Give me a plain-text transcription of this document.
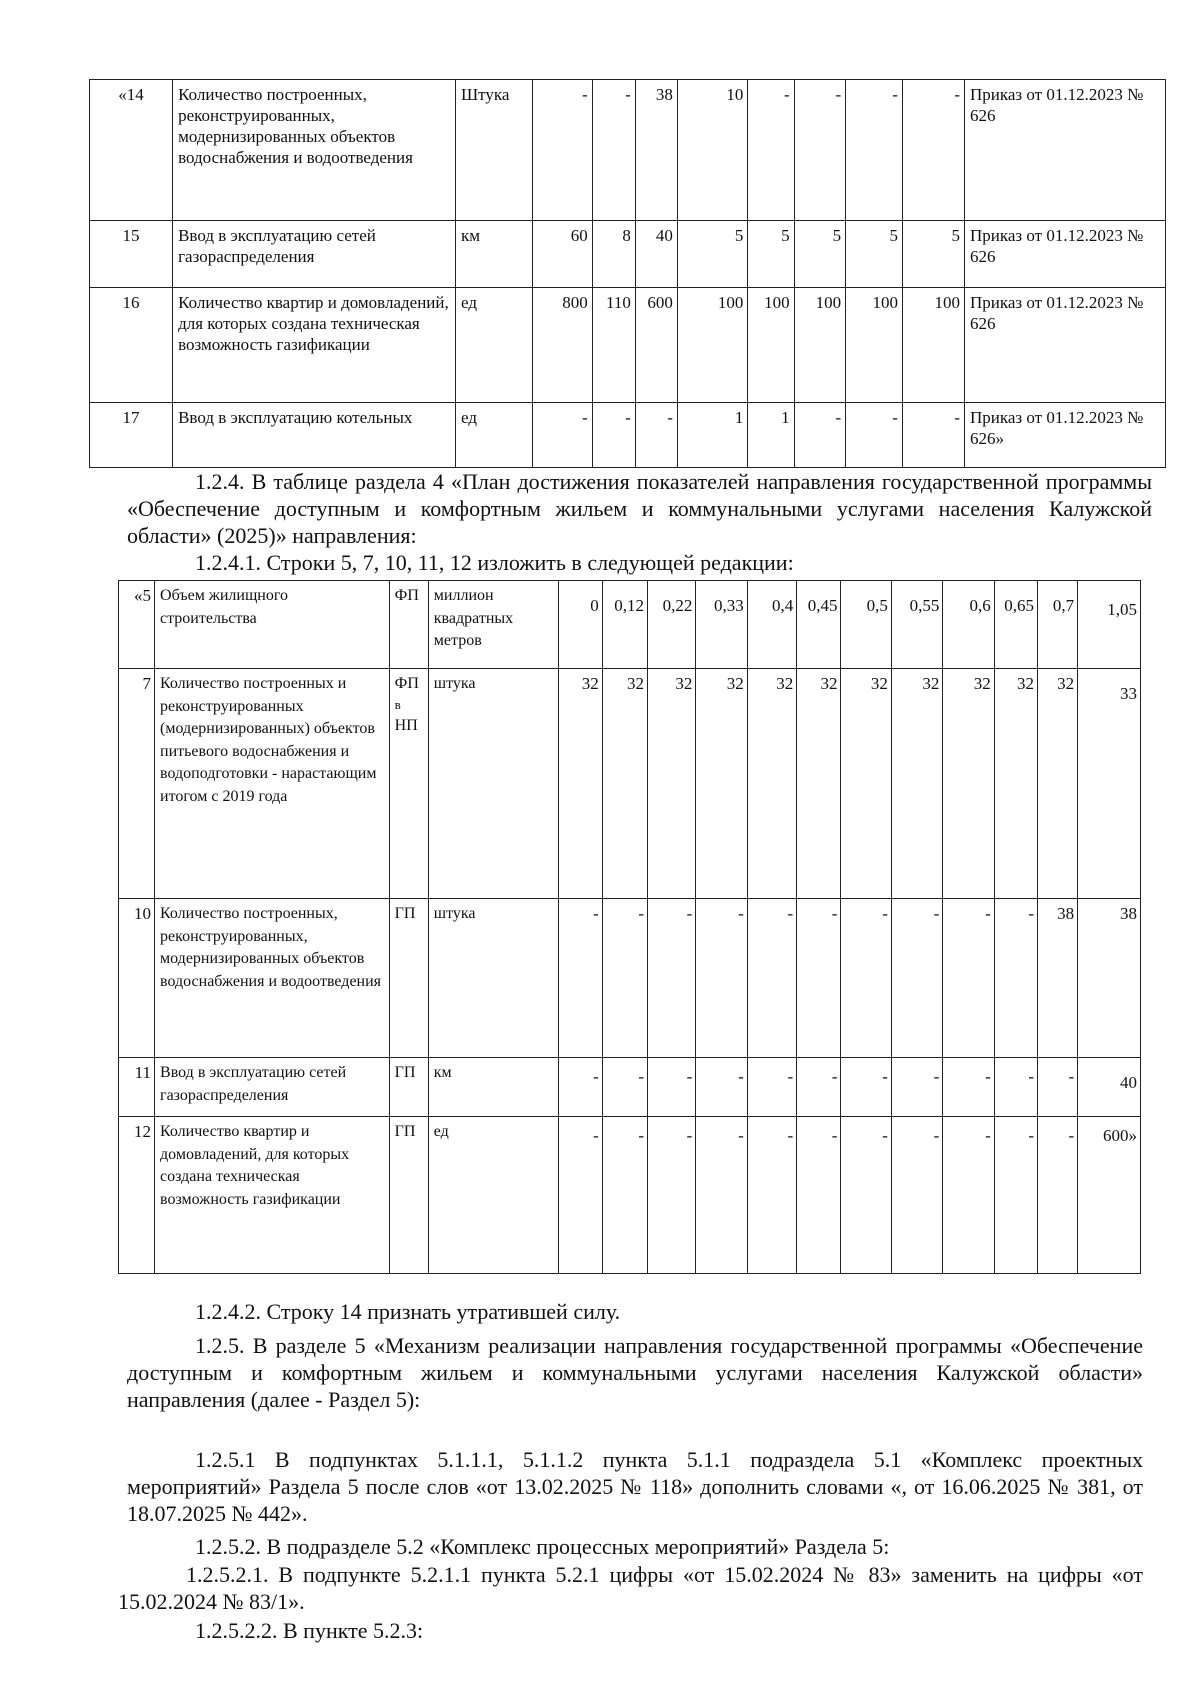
«14	Количество построенных, реконструированных, модернизированных объектов водоснабжения и водоотведения	Штука	-	-	38	10	-	-	-	-	Приказ от 01.12.2023 № 626
15	Ввод в эксплуатацию сетей газораспределения	км	60	8	40	5	5	5	5	5	Приказ от 01.12.2023 № 626
16	Количество квартир и домовладений, для которых создана техническая возможность газификации	ед	800	110	600	100	100	100	100	100	Приказ от 01.12.2023 № 626
17	Ввод в эксплуатацию котельных	ед	-	-	-	1	1	-	-	-	Приказ от 01.12.2023 № 626»
1.2.4. В таблице раздела 4 «План достижения показателей направления государственной программы «Обеспечение доступным и комфортным жильем и коммунальными услугами населения Калужской области» (2025)» направления:
1.2.4.1. Строки 5, 7, 10, 11, 12 изложить в следующей редакции:
«5	Объем жилищного строительства	ФП	миллион квадратных метров	0	0,12	0,22	0,33	0,4	0,45	0,5	0,55	0,6	0,65	0,7	1,05
7	Количество построенных и реконструированных (модернизированных) объектов питьевого водоснабжения и водоподготовки - нарастающим итогом с 2019 года	ФП
в
НП	штука	32	32	32	32	32	32	32	32	32	32	32	33
10	Количество построенных, реконструированных, модернизированных объектов водоснабжения и водоотведения	ГП	штука	-	-	-	-	-	-	-	-	-	-	38	38
11	Ввод в эксплуатацию сетей газораспределения	ГП	км	-	-	-	-	-	-	-	-	-	-	-	40
12	Количество квартир и домовладений, для которых создана техническая возможность газификации	ГП	ед	-	-	-	-	-	-	-	-	-	-	-	600»
1.2.4.2. Строку 14 признать утратившей силу.
1.2.5. В разделе 5 «Механизм реализации направления государственной программы «Обеспечение доступным и комфортным жильем и коммунальными услугами населения Калужской области» направления (далее - Раздел 5):
1.2.5.1 В подпунктах 5.1.1.1, 5.1.1.2 пункта 5.1.1 подраздела 5.1 «Комплекс проектных мероприятий» Раздела 5 после слов «от 13.02.2025 № 118» дополнить словами «, от 16.06.2025 № 381, от 18.07.2025 № 442».
1.2.5.2. В подразделе 5.2 «Комплекс процессных мероприятий» Раздела 5:
1.2.5.2.1. В подпункте 5.2.1.1 пункта 5.2.1 цифры «от 15.02.2024 № 83» заменить на цифры «от 15.02.2024 № 83/1».
1.2.5.2.2. В пункте 5.2.3:
